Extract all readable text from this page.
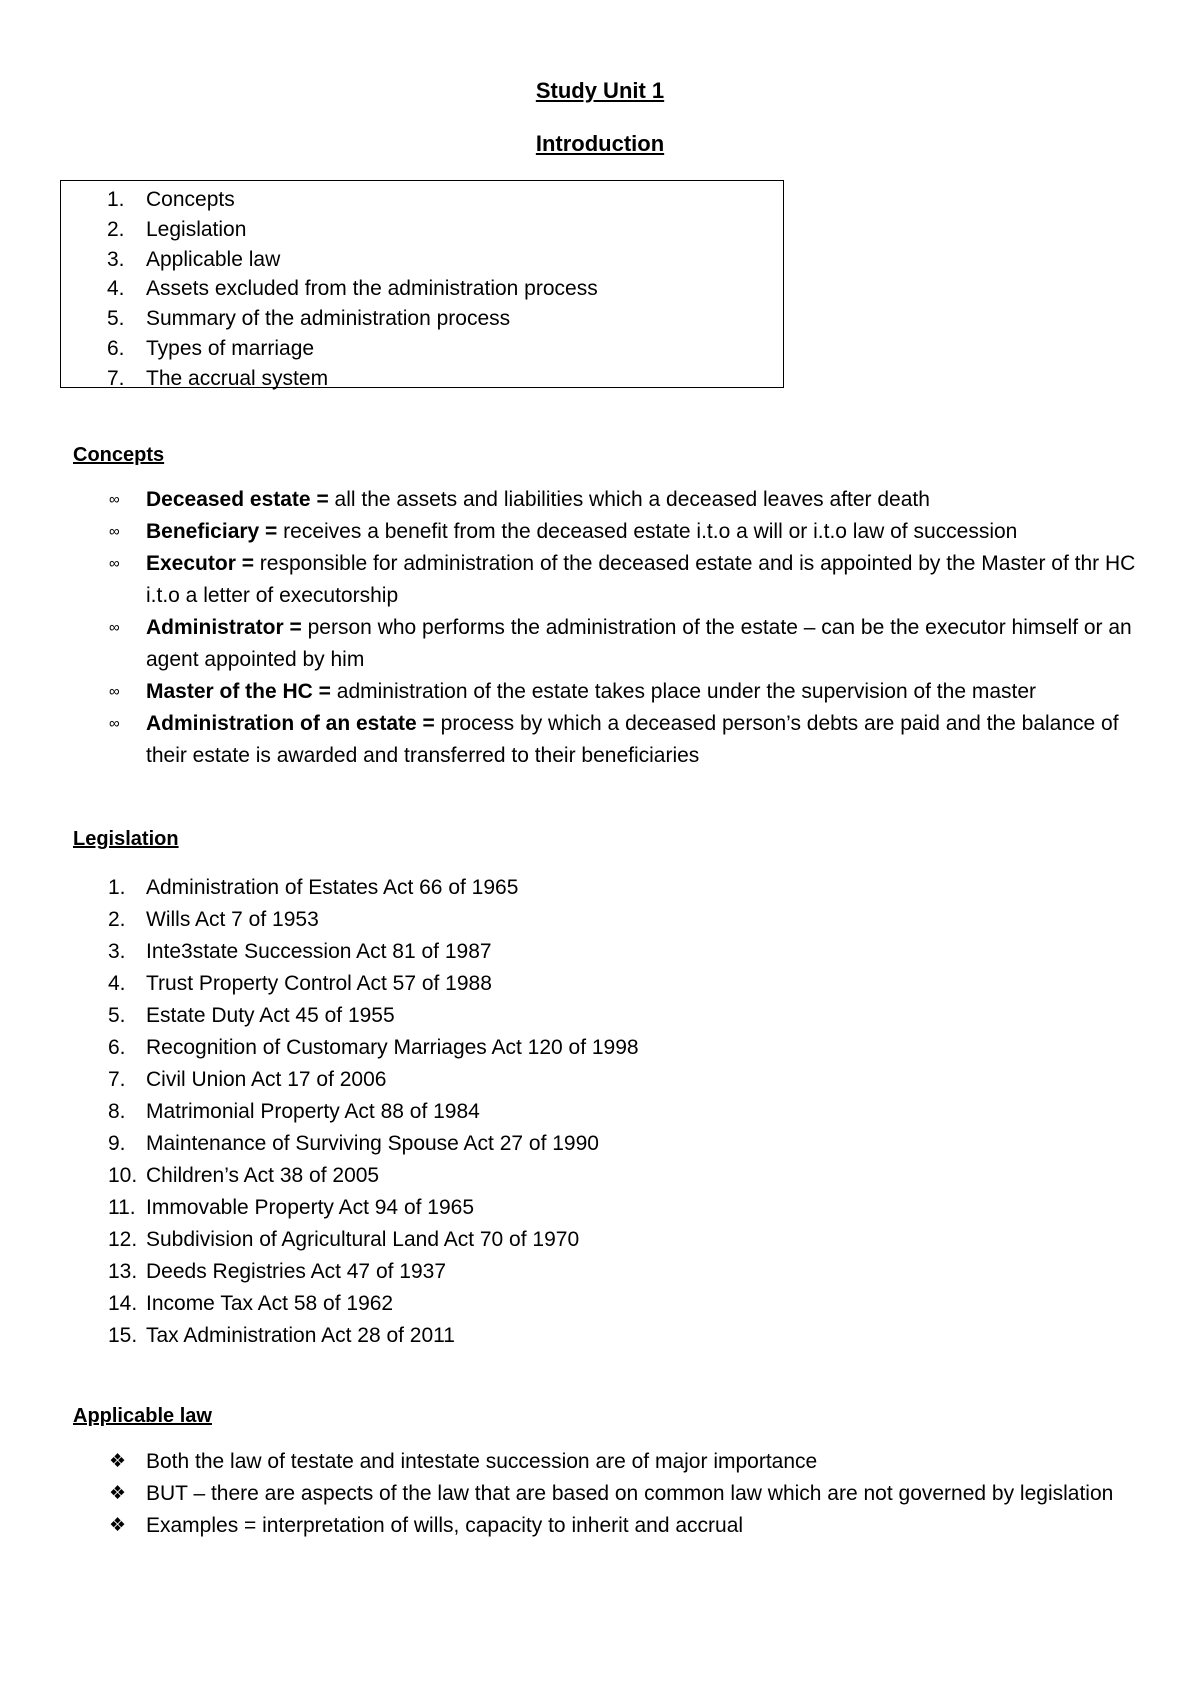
Study Unit 1
Introduction
1.	Concepts
2.	Legislation
3.	Applicable law
4.	Assets excluded from the administration process
5.	Summary of the administration process
6.	Types of marriage
7.	The accrual system
Concepts
∞ Deceased estate = all the assets and liabilities which a deceased leaves after death
∞ Beneficiary = receives a benefit from the deceased estate i.t.o a will or i.t.o law of succession
∞ Executor = responsible for administration of the deceased estate and is appointed by the Master of thr HC i.t.o a letter of executorship
∞ Administrator = person who performs the administration of the estate – can be the executor himself or an agent appointed by him
∞ Master of the HC = administration of the estate takes place under the supervision of the master
∞ Administration of an estate = process by which a deceased person’s debts are paid and the balance of their estate is awarded and transferred to their beneficiaries
Legislation
1. Administration of Estates Act 66 of 1965
2. Wills Act 7 of 1953
3. Inte3state Succession Act 81 of 1987
4. Trust Property Control Act 57 of 1988
5. Estate Duty Act 45 of 1955
6. Recognition of Customary Marriages Act 120 of 1998
7. Civil Union Act 17 of 2006
8. Matrimonial Property Act 88 of 1984
9. Maintenance of Surviving Spouse Act 27 of 1990
10. Children’s Act 38 of 2005
11. Immovable Property Act 94 of 1965
12. Subdivision of Agricultural Land Act 70 of 1970
13. Deeds Registries Act 47 of 1937
14. Income Tax Act 58 of 1962
15. Tax Administration Act 28 of 2011
Applicable law
❖ Both the law of testate and intestate succession are of major importance
❖ BUT – there are aspects of the law that are based on common law which are not governed by legislation
❖ Examples = interpretation of wills, capacity to inherit and accrual
